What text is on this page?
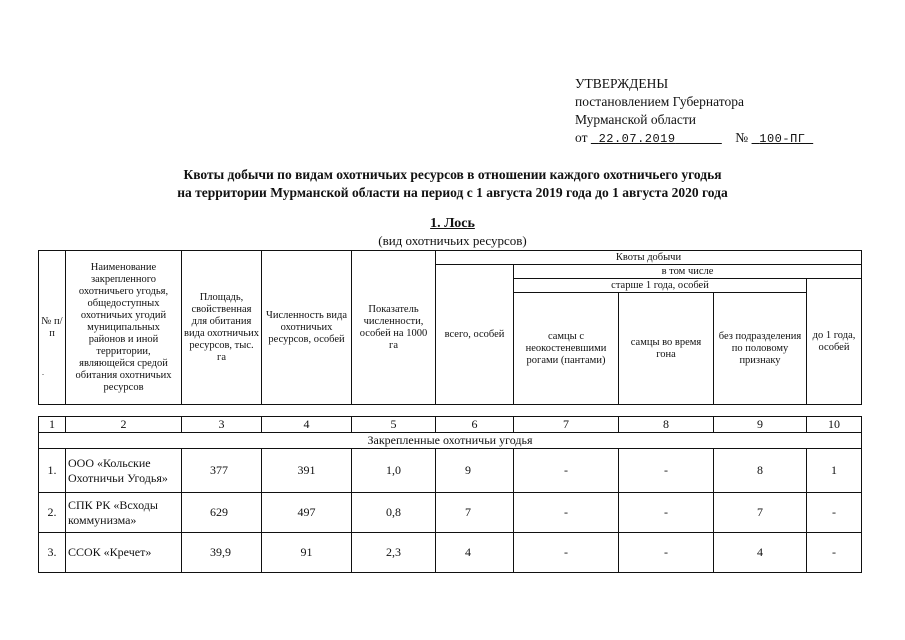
УТВЕРЖДЕНЫ
постановлением Губернатора
Мурманской области
от 22.07.2019	№ 100-ПГ
Квоты добычи по видам охотничьих ресурсов в отношении каждого охотничьего угодья
на территории Мурманской области на период с 1 августа 2019 года до 1 августа 2020 года
1. Лось
(вид охотничьих ресурсов)
№ п/п	Наименование закрепленного охотничьего угодья, общедоступных охотничьих угодий муниципальных районов и иной территории, являющейся средой обитания охотничьих ресурсов	Площадь, свойственная для обитания вида охотничьих ресурсов, тыс. га	Численность вида охотничьих ресурсов, особей	Показатель численности, особей на 1000 га	Квоты добычи				
					всего, особей	в том числе			
						старше 1 года, особей			до 1 года, особей
						самцы с неокостеневшими рогами (пантами)	самцы во время гона	без подразделения по половому признаку	
.
1	2	3	4	5	6	7	8	9	10
Закрепленные охотничьи угодья									
1.	ООО «Кольские Охотничьи Угодья»	377	391	1,0	9	-	-	8	1
2.	СПК РК «Всходы коммунизма»	629	497	0,8	7	-	-	7	-
3.	ССОК «Кречет»	39,9	91	2,3	4	-	-	4	-
